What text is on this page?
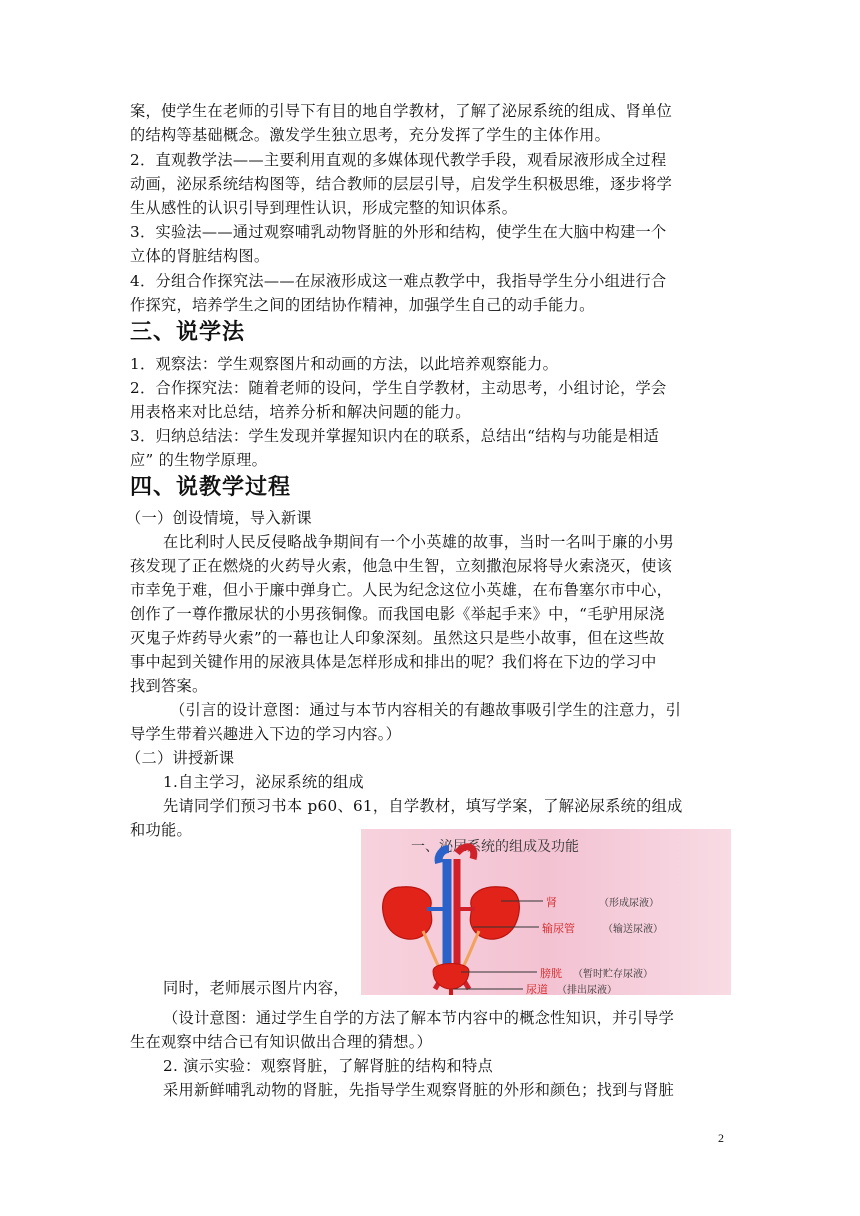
案，使学生在老师的引导下有目的地自学教材，了解了泌尿系统的组成、肾单位
的结构等基础概念。激发学生独立思考，充分发挥了学生的主体作用。
2．直观教学法——主要利用直观的多媒体现代教学手段，观看尿液形成全过程
动画，泌尿系统结构图等，结合教师的层层引导，启发学生积极思维，逐步将学
生从感性的认识引导到理性认识，形成完整的知识体系。
3．实验法——通过观察哺乳动物肾脏的外形和结构，使学生在大脑中构建一个
立体的肾脏结构图。
4．分组合作探究法——在尿液形成这一难点教学中，我指导学生分小组进行合
作探究，培养学生之间的团结协作精神，加强学生自己的动手能力。
三、说学法
1．观察法：学生观察图片和动画的方法，以此培养观察能力。
2．合作探究法：随着老师的设问，学生自学教材，主动思考，小组讨论，学会
用表格来对比总结，培养分析和解决问题的能力。
3．归纳总结法：学生发现并掌握知识内在的联系，总结出“结构与功能是相适
应” 的生物学原理。
四、说教学过程
（一）创设情境，导入新课
在比利时人民反侵略战争期间有一个小英雄的故事，当时一名叫于廉的小男
孩发现了正在燃烧的火药导火索，他急中生智，立刻撒泡尿将导火索浇灭，使该
市幸免于难，但小于廉中弹身亡。人民为纪念这位小英雄，在布鲁塞尔市中心，
创作了一尊作撒尿状的小男孩铜像。而我国电影《举起手来》中，“毛驴用尿浇
灭鬼子炸药导火索”的一幕也让人印象深刻。虽然这只是些小故事，但在这些故
事中起到关键作用的尿液具体是怎样形成和排出的呢？我们将在下边的学习中
找到答案。
（引言的设计意图：通过与本节内容相关的有趣故事吸引学生的注意力，引
导学生带着兴趣进入下边的学习内容。）
（二）讲授新课
1.自主学习，泌尿系统的组成
先请同学们预习书本 p60、61，自学教材，填写学案，了解泌尿系统的组成
和功能。
同时，老师展示图片内容，
（设计意图：通过学生自学的方法了解本节内容中的概念性知识，并引导学
生在观察中结合已有知识做出合理的猜想。）
2. 演示实验：观察肾脏，了解肾脏的结构和特点
采用新鲜哺乳动物的肾脏，先指导学生观察肾脏的外形和颜色；找到与肾脏
一、泌尿系统的组成及功能
肾	（形成尿液）
输尿管	（输送尿液）
膀胱 （暂时贮存尿液）
尿道 （排出尿液）
2
